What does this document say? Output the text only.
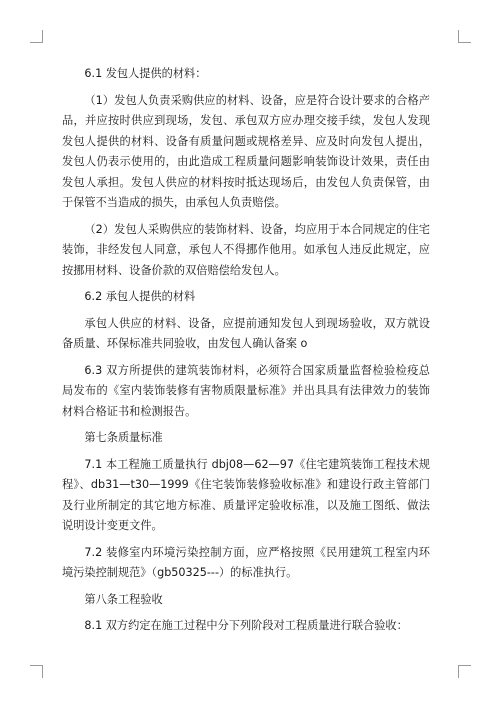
6.1 发包人提供的材料：

（1）发包人负责采购供应的材料、设备，应是符合设计要求的合格产品，并应按时供应到现场，发包、承包双方应办理交接手续，发包人发现发包人提供的材料、设备有质量问题或规格差异、应及时向发包人提出，发包人仍表示使用的，由此造成工程质量问题影响装饰设计效果，责任由发包人承担。发包人供应的材料按时抵达现场后，由发包人负责保管，由于保管不当造成的损失，由承包人负责赔偿。

（2）发包人采购供应的装饰材料、设备，均应用于本合同规定的住宅装饰，非经发包人同意，承包人不得挪作他用。如承包人违反此规定，应按挪用材料、设备价款的双倍赔偿给发包人。

6.2 承包人提供的材料

承包人供应的材料、设备，应提前通知发包人到现场验收，双方就设备质量、环保标准共同验收，由发包人确认备案 o

6.3 双方所提供的建筑装饰材料，必须符合国家质量监督检验检疫总局发布的《室内装饰装修有害物质限量标准》并出具具有法律效力的装饰材料合格证书和检测报告。

第七条质量标准

7.1 本工程施工质量执行 dbj08—62—97《住宅建筑装饰工程技术规程》、db31—t30—1999《住宅装饰装修验收标准》和建设行政主管部门及行业所制定的其它地方标准、质量评定验收标准，以及施工图纸、做法说明设计变更文件。

7.2 装修室内环境污染控制方面，应严格按照《民用建筑工程室内环境污染控制规范》（gb50325---）的标准执行。

第八条工程验收

8.1 双方约定在施工过程中分下列阶段对工程质量进行联合验收：
